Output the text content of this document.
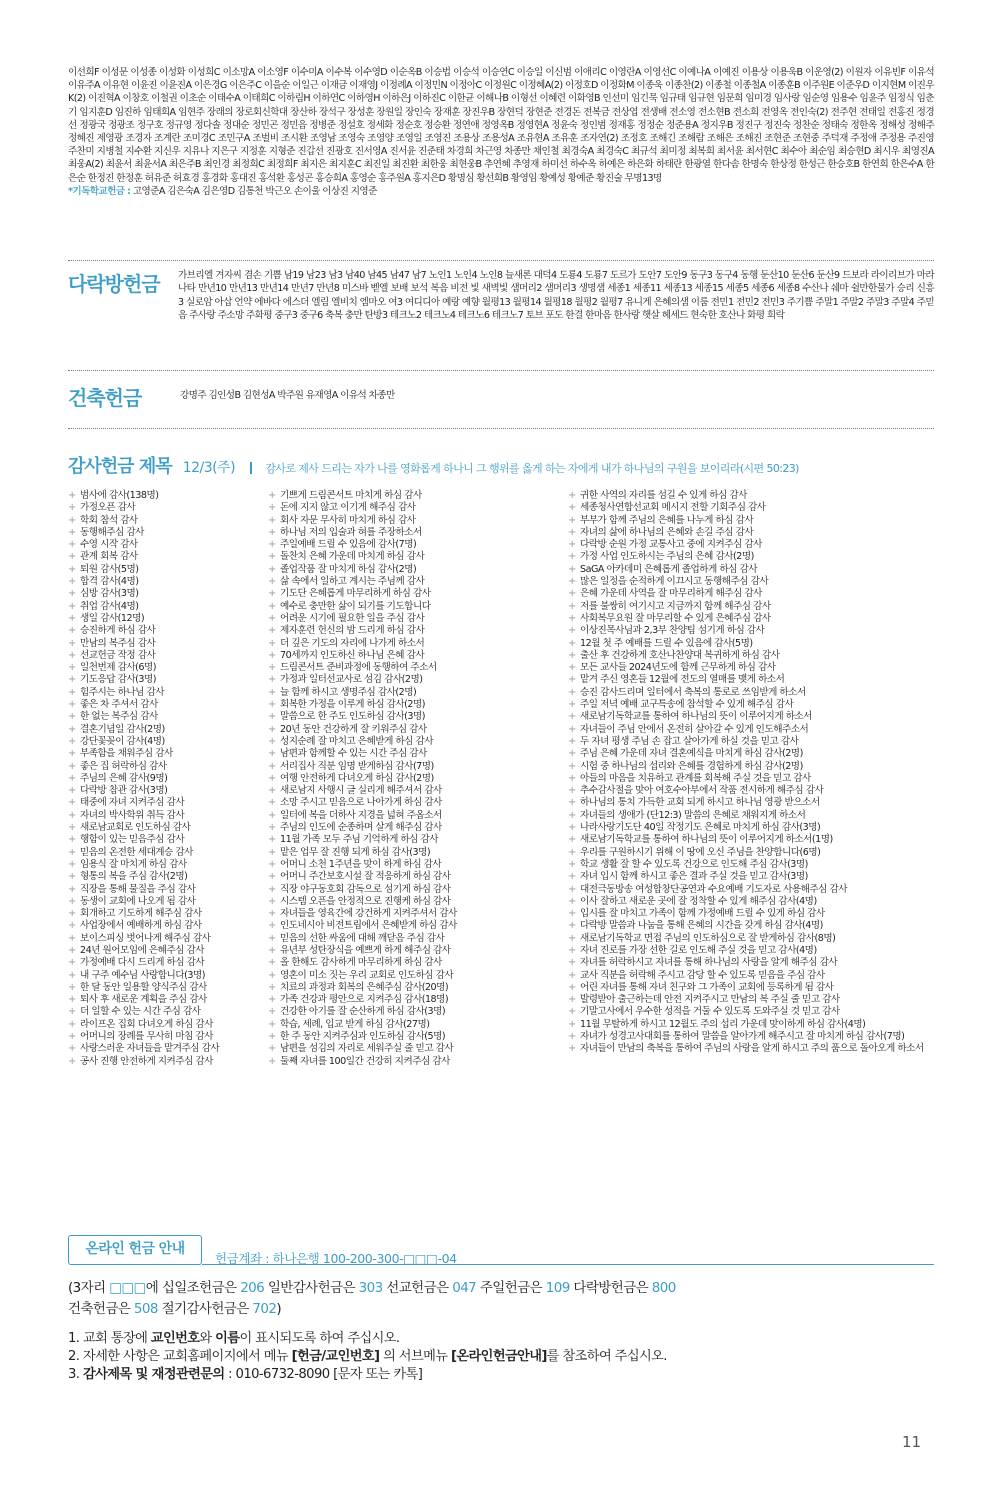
이선희F 이성문 이성종 이성화 이성희C 이소망A 이소영F 이수미A 이수복 이수영D 이순옥B 이승법 이승석 이승연C 이승일 이신범 이애리C 이영란A 이영선C 이예나A 이예진 이용상 이용욱B 이운영(2) 이원자 이유빈F 이유석 이유주A 이유현 이윤진 이윤진A 이은경G 이은주C 이을순 이일근 이재금 이재영J 이정례A 이정민N 이정아C 이정원C 이정혜A(2) 이정호D 이정화M 이종욱 이종찬(2) 이종철 이종철A 이종훈B 이주원E 이준우D 이지현M 이진우K(2) 이진혁A 이창호 이철권 이초순 이태수A 이태희C 이하림H 이하연C 이하영H 이하은J 이하진C 이한균 이해나B 이형선 이혜련 이화영B 인선미 임긴묵 임규태 임규현 임문희 임미경 임사랑 임순영 임용수 임윤주 임정식 임춘기 임지훈D 임진하 임태희A 임현주 장래의 장로회신학대 장산하 장석구 장성훈 장원일 장인숙 장재훈 장진우B 장현덕 장현준 전경돈 전복금 전상엽 전생배 전소영 전소현B 전소희 전영옥 전인숙(2) 전주현 전태일 전홍진 정경선 정광국 정광조 정구호 정규영 정다솔 정대순 정민곤 정민음 정병준 정설호 정세화 정순호 정승환 정연애 정영옥B 정영현A 정윤숙 정인범 정재홍 정정순 정준용A 정지우B 정진구 정진숙 정찬순 정태숙 정한옥 정해성 정해주 정혜진 제영광 조경자 조계란 조미경C 조민구A 조벌비 조시환 조영남 조영숙 조영양 조영일 조영진 조용상 조용성A 조유현A 조유훈 조자연(2) 조정호 조해긴 조해람 조해은 조해진 조현준 조현중 주덕재 주정애 주정용 주진영 주찬미 지병철 지수환 지신우 지유나 지은구 지정훈 지형준 진갑선 진광호 진서영A 진서윤 진준태 차경희 차근영 차종만 채인철 최경숙A 최경숙C 최규석 최미정 최복희 최서윤 최서현C 최수아 최순임 최승현D 최시우 최영진A 최웅A(2) 최윤서 최윤서A 최은주B 최인경 최정희C 최정희F 최지은 최지훈C 최진일 최진환 최한웅 최현웅B 추연혜 추영재 하미선 하수옥 하예은 하은화 하태란 한광열 한다솜 한명숙 한상정 한성근 한승호B 한연희 한은수A 한은순 한정진 한정훈 허유준 허효경 홍경화 홍대진 홍석환 홍성곤 홍승희A 홍영순 홍주원A 홍지은D 황명심 황선희B 황영임 황예성 황예준 황진술 무명13명
*기독학교헌금 : 고영준A 김은숙A 김은영D 김통천 박근오 손이울 이상진 지영준
다락방헌금 가브리엘 겨자씨 겸손 기쁨 남19 남23 남3 남40 남45 남47 남7 노인1 노인4 노인8 늘새론 대덕4 도룡4 도룡7 도르가 도안7 도안9 동구3 동구4 동행 둔산10 둔산6 둔산9 드보라 라이리브가 마라나타 만년10 만년13 만년14 만년7 만년8 미스바 벧엘 보배 보석 복음 비전 빛 새벽빛 샘머리2 샘머리3 생명샘 세종1 세종11 세종13 세종15 세종5 세종6 세종8 수산나 쉐마 쉴만한물가 승리 신흥3 실로암 아삽 언약 에바다 에스더 엘림 엘비치 엠마오 여3 여디디아 예랑 예향 월평13 월평14 월평18 월평2 월평7 유니게 은혜의샘 이룸 전민1 전민2 전민3 주기쁨 주말1 주말2 주말3 주말4 주믿음 주사랑 주소망 주화평 중구3 중구6 축복 충만 탄방3 테크노2 테크노4 테크노6 테크노7 토브 포도 한결 한마음 한사랑 햇살 헤세드 현숙한 호산나 화평 희락
건축헌금	강명주 김인성B 김현성A 박주원 유재영A 이유석 차종만
감사헌금 제목 12/3(주)	감사로 제사 드리는 자가 나를 영화롭게 하나니 그 행위를 옳게 하는 자에게 내가 하나님의 구원을 보이리라(시편 50:23)
+ 범사에 감사(138명)
+ 가정오픈 감사
+ 학회 참석 감사
+ 동행해주심 감사
+ 수영 시작 감사
+ 관계 회복 감사
+ 퇴원 감사(5명)
+ 합격 감사(4명)
+ 심방 감사(3명)
+ 취업 감사(4명)
+ 생일 감사(12명)
+ 승진하게 하심 감사
+ 만남의 복주심 감사
+ 선교헌금 작정 감사
+ 일천번제 감사(6명)
+ 기도응답 감사(3명)
+ 힘주시는 하나님 감사
+ 좋은 차 주셔서 감사
+ 한 없는 복주심 감사
+ 결혼기념일 감사(2명)
+ 강단꽃꽂이 감사(4명)
+ 부족함을 채워주심 감사
+ 좋은 집 허락하심 감사
+ 주님의 은혜 감사(9명)
+ 다락방 참관 감사(3명)
+ 태중에 자녀 지켜주심 감사
+ 자녀의 박사학위 취득 감사
+ 새로남교회로 인도하심 감사
+ 행함이 있는 믿음주심 감사
+ 믿음의 온전한 세대계승 감사
+ 임용식 잘 마치게 하심 감사
+ 형통의 복을 주심 감사(2명)
+ 직장을 통해 물질을 주심 감사
+ 동생이 교회에 나오게 됨 감사
+ 회개하고 기도하게 해주심 감사
+ 사업장에서 예배하게 하심 감사
+ 보이스피싱 벗어나게 해주심 감사
+ 24년 원어모임에 은혜주심 감사
+ 가정예배 다시 드리게 하심 감사
+ 내 구주 예수님 사랑합니다(3명)
+ 한 달 동안 일용할 양식주심 감사
+ 퇴사 후 새로운 계획을 주심 감사
+ 더 일할 수 있는 시간 주심 감사
+ 라이프온 집회 다녀오게 하심 감사
+ 어머니의 장례를 무사히 마침 감사
+ 사랑스러운 자녀들을 맡겨주심 감사
+ 공사 진행 안전하게 지켜주심 감사
+ 기쁘게 드림콘서트 마치게 하심 감사
+ 돈에 지지 않고 이기게 해주심 감사
+ 회사 자문 무사히 마치게 하심 감사
+ 하나님 저의 입술과 혀를 주장하소서
+ 주일예배 드릴 수 있음에 감사(7명)
+ 돌찬치 은혜 가운데 마치게 하심 감사
+ 졸업작품 잘 마치게 하심 감사(2명)
+ 삶 속에서 일하고 계시는 주님께 감사
+ 기도단 은혜롭게 마무리하게 하심 감사
+ 예수로 충만한 삶이 되기를 기도합니다
+ 어려운 시기에 필요한 일을 주심 감사
+ 제자훈련 헌신의 밤 드리게 하심 감사
+ 더 깊은 기도의 자리에 나가게 하소서
+ 70세까지 인도하신 하나님 은혜 감사
+ 드림콘서트 준비과정에 동행하여 주소서
+ 가정과 일터선교사로 섬김 감사(2명)
+ 늘 함께 하시고 생명주심 감사(2명)
+ 회복한 가정을 이루게 하심 감사(2명)
+ 말씀으로 한 주도 인도하심 감사(3명)
+ 20년 동안 건강하게 잘 키워주심 감사
+ 성지순례 잘 마치고 은혜받게 하심 감사
+ 남편과 함께할 수 있는 시간 주심 감사
+ 서리집사 직분 임명 받게하심 감사(7명)
+ 여행 안전하게 다녀오게 하심 감사(2명)
+ 새로남지 사행시 글 실리게 해주셔서 감사
+ 소망 주시고 믿음으로 나아가게 하심 감사
+ 일터에 복을 더하사 지경을 넓혀 주옵소서
+ 주님의 인도에 순종하며 살게 해주심 감사
+ 11월 가족 모두 주님 기억하게 하심 감사
+ 맡은 업무 잘 진행 되게 하심 감사(3명)
+ 어머니 소천 1주년을 맞이 하게 하심 감사
+ 어머니 주간보호시설 잘 적응하게 하심 감사
+ 직장 야구동호회 감독으로 섬기게 하심 감사
+ 시스템 오픈을 안정적으로 진행케 하심 감사
+ 자녀들을 영육간에 강건하게 지켜주셔서 감사
+ 인도네시아 비전트립에서 은혜받게 하심 감사
+ 믿음의 선한 싸움에 대해 깨닫음 주심 감사
+ 유년부 성탄장식을 예쁘게 하게 해주심 감사
+ 올 한해도 감사하게 마무리하게 하심 감사
+ 영혼이 미소 짓는 우리 교회로 인도하심 감사
+ 치료의 과정과 회복의 은혜주심 감사(20명)
+ 가족 건강과 평안으로 지켜주심 감사(18명)
+ 건강한 아기를 잘 순산하게 하심 감사(3명)
+ 학습, 세례, 입교 받게 하심 감사(27명)
+ 한 주 동안 지켜주심과 인도하심 감사(5명)
+ 남편을 섬김의 자리로 세워주실 줄 믿고 감사
+ 둘째 자녀를 100일간 건강히 지켜주심 감사
+ 귀한 사역의 자리를 섬길 수 있게 하심 감사
+ 세종청사연합선교회 메시지 전할 기회주심 감사
+ 부부가 함께 주님의 은혜를 나누게 하심 감사
+ 자녀의 삶에 하나님의 은혜와 손길 주심 감사
+ 다락방 순원 가정 교통사고 중에 지켜주심 감사
+ 가정 사업 인도하시는 주님의 은혜 감사(2명)
+ SaGA 아카데미 은혜롭게 졸업하게 하심 감사
+ 많은 일정을 순적하게 이끄시고 동행해주심 감사
+ 은혜 가운데 사역을 잘 마무리하게 해주심 감사
+ 저를 불쌍히 여기시고 지금까지 함께 해주심 감사
+ 사회복무요원 잘 마무리할 수 있게 은혜주심 감사
+ 이상진목사님과 2,3부 찬양팀 섬기게 하심 감사
+ 12월 첫 주 예배를 드릴 수 있음에 감사(5명)
+ 출산 후 건강하게 호산나찬양대 복귀하게 하심 감사
+ 모든 교사들 2024년도에 함께 근무하게 하심 감사
+ 맡겨 주신 영혼들 12월에 전도의 열매를 맺게 하소서
+ 승진 감사드리며 일터에서 축복의 통로로 쓰임받게 하소서
+ 주일 저녁 예배 교구특송에 참석할 수 있게 해주심 감사
+ 새로남기독학교를 통하여 하나님의 뜻이 이루어지게 하소서
+ 자녀들이 주님 안에서 온전히 살아갈 수 있게 인도해주소서
+ 두 자녀 평생 주님 손 잡고 살아가게 하실 것을 믿고 감사
+ 주님 은혜 가운데 자녀 결혼예식을 마치게 하심 감사(2명)
+ 시험 중 하나님의 섭리와 은혜를 경험하게 하심 감사(2명)
+ 아들의 마음을 치유하고 관계를 회복해 주실 것을 믿고 감사
+ 추수감사절을 맞아 여호수아부에서 작품 전시하게 해주심 감사
+ 하나님의 통치 가득한 교회 되게 하시고 하나님 영광 받으소서
+ 자녀들의 생애가 (단12:3) 말씀의 은혜로 채워지게 하소서
+ 나라사랑기도단 40일 작정기도 은혜로 마치게 하심 감사(3명)
+ 새로남기독학교를 통하여 하나님의 뜻이 이루어지게 하소서(1명)
+ 우리를 구원하시기 위해 이 땅에 오신 주님을 찬양합니다(6명)
+ 학교 생활 잘 할 수 있도록 건강으로 인도해 주심 감사(3명)
+ 자녀 입시 함께 하시고 좋은 결과 주실 것을 믿고 감사(3명)
+ 대전극동방송 여성합창단공연과 수요예배 기도자로 사용해주심 감사
+ 이사 잘하고 새로운 곳에 잘 정착할 수 있게 해주심 감사(4명)
+ 입시를 잘 마치고 가족이 함께 가정예배 드릴 수 있게 하심 감사
+ 다락방 말씀과 나눔을 통해 은혜의 시간을 갖게 하심 감사(4명)
+ 새로남기독학교 면접 주님의 인도하심으로 잘 받게하심 감사(8명)
+ 자녀 진로를 가장 선한 길로 인도해 주실 것을 믿고 감사(4명)
+ 자녀를 허락하시고 자녀를 통해 하나님의 사랑을 알게 해주심 감사
+ 교사 직분을 허락해 주시고 감당 할 수 있도록 믿음을 주심 감사
+ 어린 자녀를 통해 자녀 친구와 그 가족이 교회에 등록하게 됨 감사
+ 발령받아 출근하는데 안전 지켜주시고 만남의 복 주실 줄 믿고 감사
+ 기말고사에서 우수한 성적을 거둘 수 있도록 도와주실 것 믿고 감사
+ 11월 무탈하게 하시고 12월도 주의 섭리 가운데 맞이하게 하심 감사(4명)
+ 자녀가 성경고사대회를 통하여 말씀을 알아가게 해주시고 잘 마치게 하심 감사(7명)
+ 자녀들이 만남의 축복을 통하여 주님의 사랑을 알게 하시고 주의 품으로 돌아오게 하소서
온라인 헌금 안내
헌금계좌 : 하나은행 100-200-300-□□□-04
(3자리 □□□에 십일조헌금은 206 일반감사헌금은 303 선교헌금은 047 주일헌금은 109 다락방헌금은 800
건축헌금은 508 절기감사헌금은 702)
1. 교회 통장에 교인번호와 이름이 표시되도록 하여 주십시오.
2. 자세한 사항은 교회홈페이지에서 메뉴 [헌금/교인번호] 의 서브메뉴 [온라인헌금안내]를 참조하여 주십시오.
3. 감사제목 및 재정관련문의 : 010-6732-8090 [문자 또는 카톡]
11
